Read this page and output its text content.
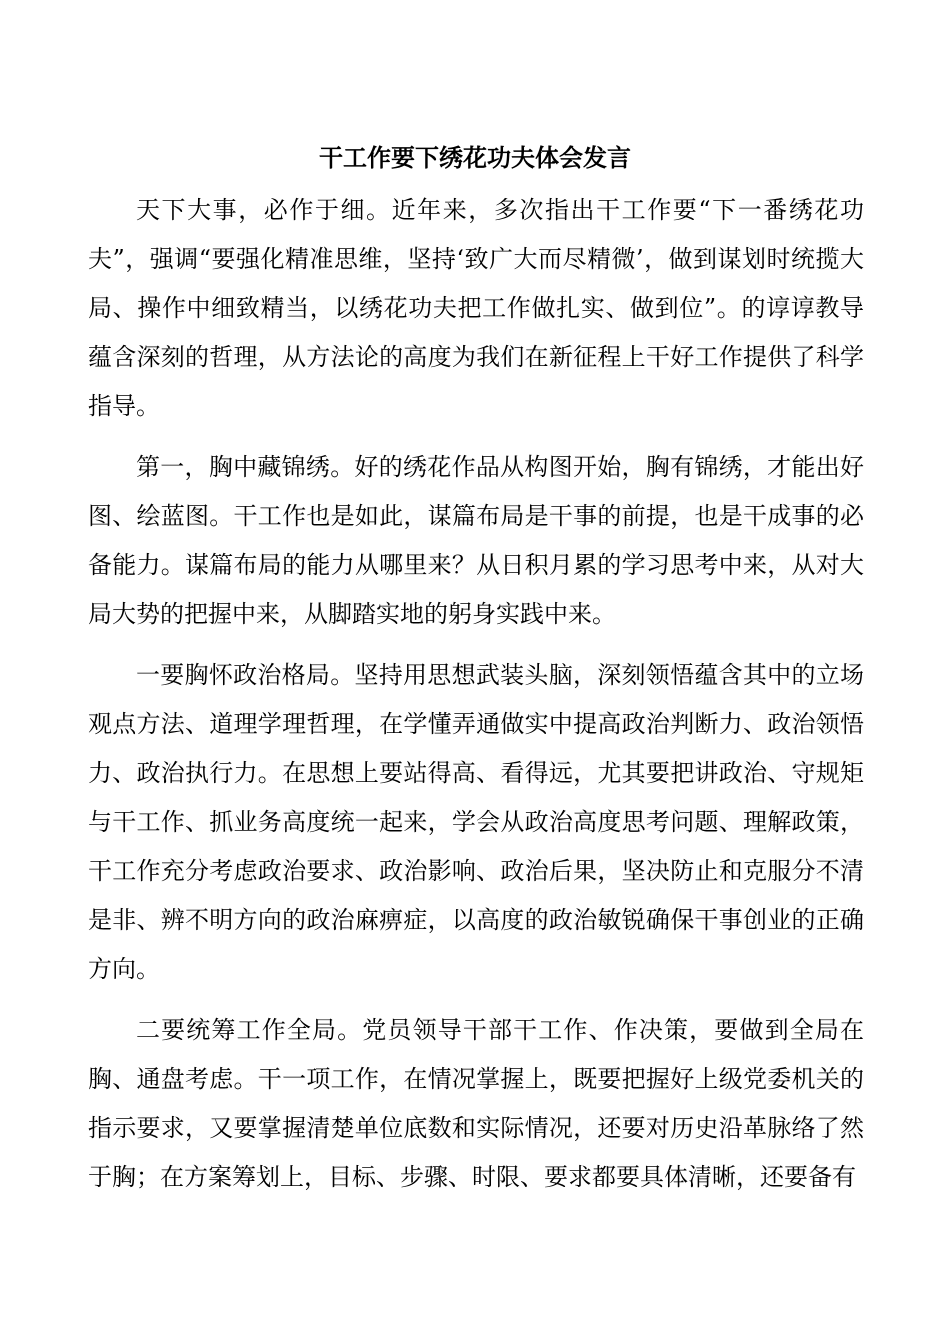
干工作要下绣花功夫体会发言

天下大事，必作于细。近年来，多次指出干工作要“下一番绣花功夫”，强调“要强化精准思维，坚持‘致广大而尽精微’，做到谋划时统揽大局、操作中细致精当，以绣花功夫把工作做扎实、做到位”。的谆谆教导蕴含深刻的哲理，从方法论的高度为我们在新征程上干好工作提供了科学指导。

第一，胸中藏锦绣。好的绣花作品从构图开始，胸有锦绣，才能出好图、绘蓝图。干工作也是如此，谋篇布局是干事的前提，也是干成事的必备能力。谋篇布局的能力从哪里来？从日积月累的学习思考中来，从对大局大势的把握中来，从脚踏实地的躬身实践中来。

一要胸怀政治格局。坚持用思想武装头脑，深刻领悟蕴含其中的立场观点方法、道理学理哲理，在学懂弄通做实中提高政治判断力、政治领悟力、政治执行力。在思想上要站得高、看得远，尤其要把讲政治、守规矩与干工作、抓业务高度统一起来，学会从政治高度思考问题、理解政策，干工作充分考虑政治要求、政治影响、政治后果，坚决防止和克服分不清是非、辨不明方向的政治麻痹症，以高度的政治敏锐确保干事创业的正确方向。

二要统筹工作全局。党员领导干部干工作、作决策，要做到全局在胸、通盘考虑。干一项工作，在情况掌握上，既要把握好上级党委机关的指示要求，又要掌握清楚单位底数和实际情况，还要对历史沿革脉络了然于胸；在方案筹划上，目标、步骤、时限、要求都要具体清晰，还要备有
